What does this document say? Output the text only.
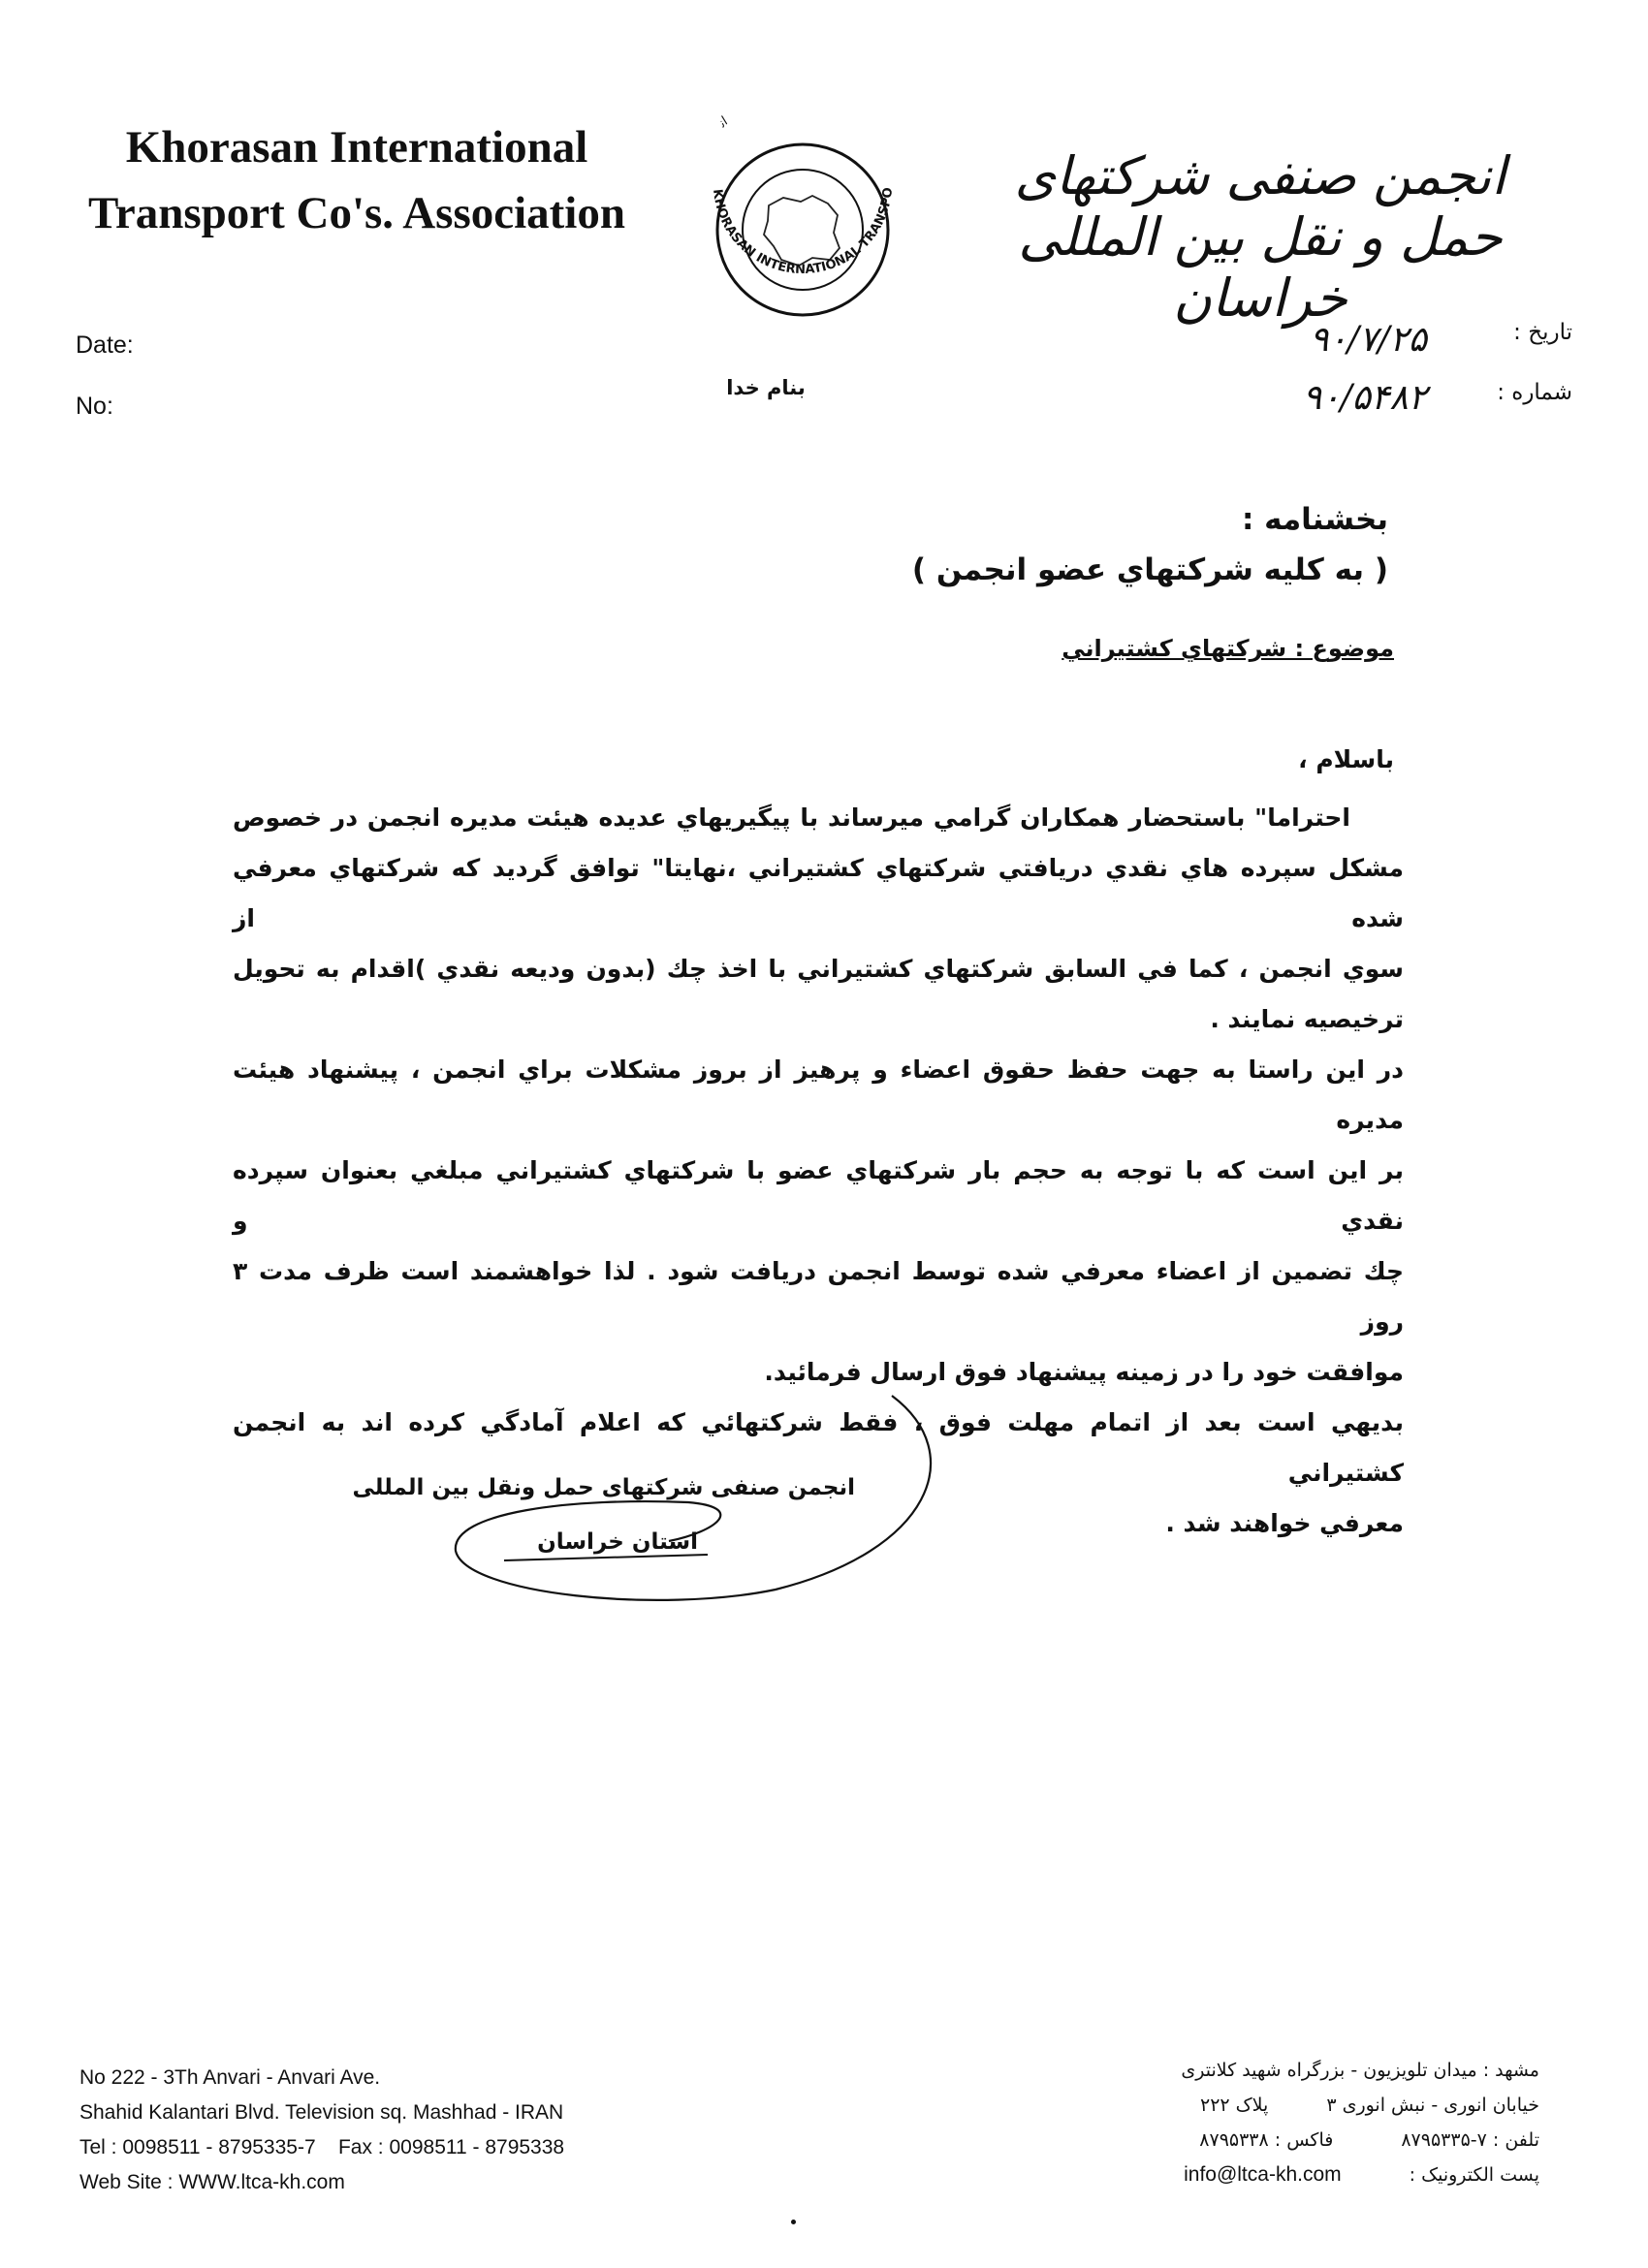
Khorasan International
Transport Co's. Association
Date:
No:
KHORASAN INTERNATIONAL TRANSPO
ان
بنام خدا
انجمن صنفی شرکتهای حمل و نقل بین المللی خراسان
تاریخ :
۹۰/۷/۲۵
شماره :
۹۰/۵۴۸۲
بخشنامه :
( به کلیه شرکتهاي عضو انجمن )
موضوع : شرکتهاي کشتيراني
باسلام ،
احتراما" باستحضار همکاران گرامي ميرساند با پيگيريهاي عديده هيئت مديره انجمن در خصوص
مشکل سپرده هاي نقدي دريافتي شرکتهاي کشتيراني ،نهايتا" توافق گرديد که شرکتهاي معرفي شده از
سوي انجمن ، کما في السابق شرکتهاي کشتيراني با اخذ چك (بدون وديعه نقدي )اقدام به تحويل
ترخيصيه نمايند .
در اين راستا به جهت حفظ حقوق اعضاء و پرهيز از بروز مشکلات براي انجمن ، پيشنهاد هيئت مديره
بر اين است که با توجه به حجم بار شرکتهاي عضو با شرکتهاي کشتيراني مبلغي بعنوان سپرده نقدي و
چك تضمين از اعضاء معرفي شده توسط انجمن دريافت شود . لذا خواهشمند است ظرف مدت ٣ روز
موافقت خود را در زمينه پيشنهاد فوق ارسال فرمائيد.
بديهي است بعد از اتمام مهلت فوق ، فقط شرکتهائي که اعلام آمادگي کرده اند به انجمن کشتيراني
معرفي خواهند شد .
انجمن صنفی شرکتهای حمل ونقل بین المللی
استان خراسان
No 222 - 3Th Anvari - Anvari Ave.
Shahid Kalantari Blvd. Television sq. Mashhad - IRAN
Tel : 0098511 - 8795335-7    Fax : 0098511 - 8795338
Web Site : WWW.ltca-kh.com
مشهد : میدان تلویزیون - بزرگراه شهید کلانتری
خیابان انوری - نبش انوری ۳
پلاک ۲۲۲
تلفن : ۷-۸۷۹۵۳۳۵
فاکس : ۸۷۹۵۳۳۸
پست الکترونیک :
info@ltca-kh.com
